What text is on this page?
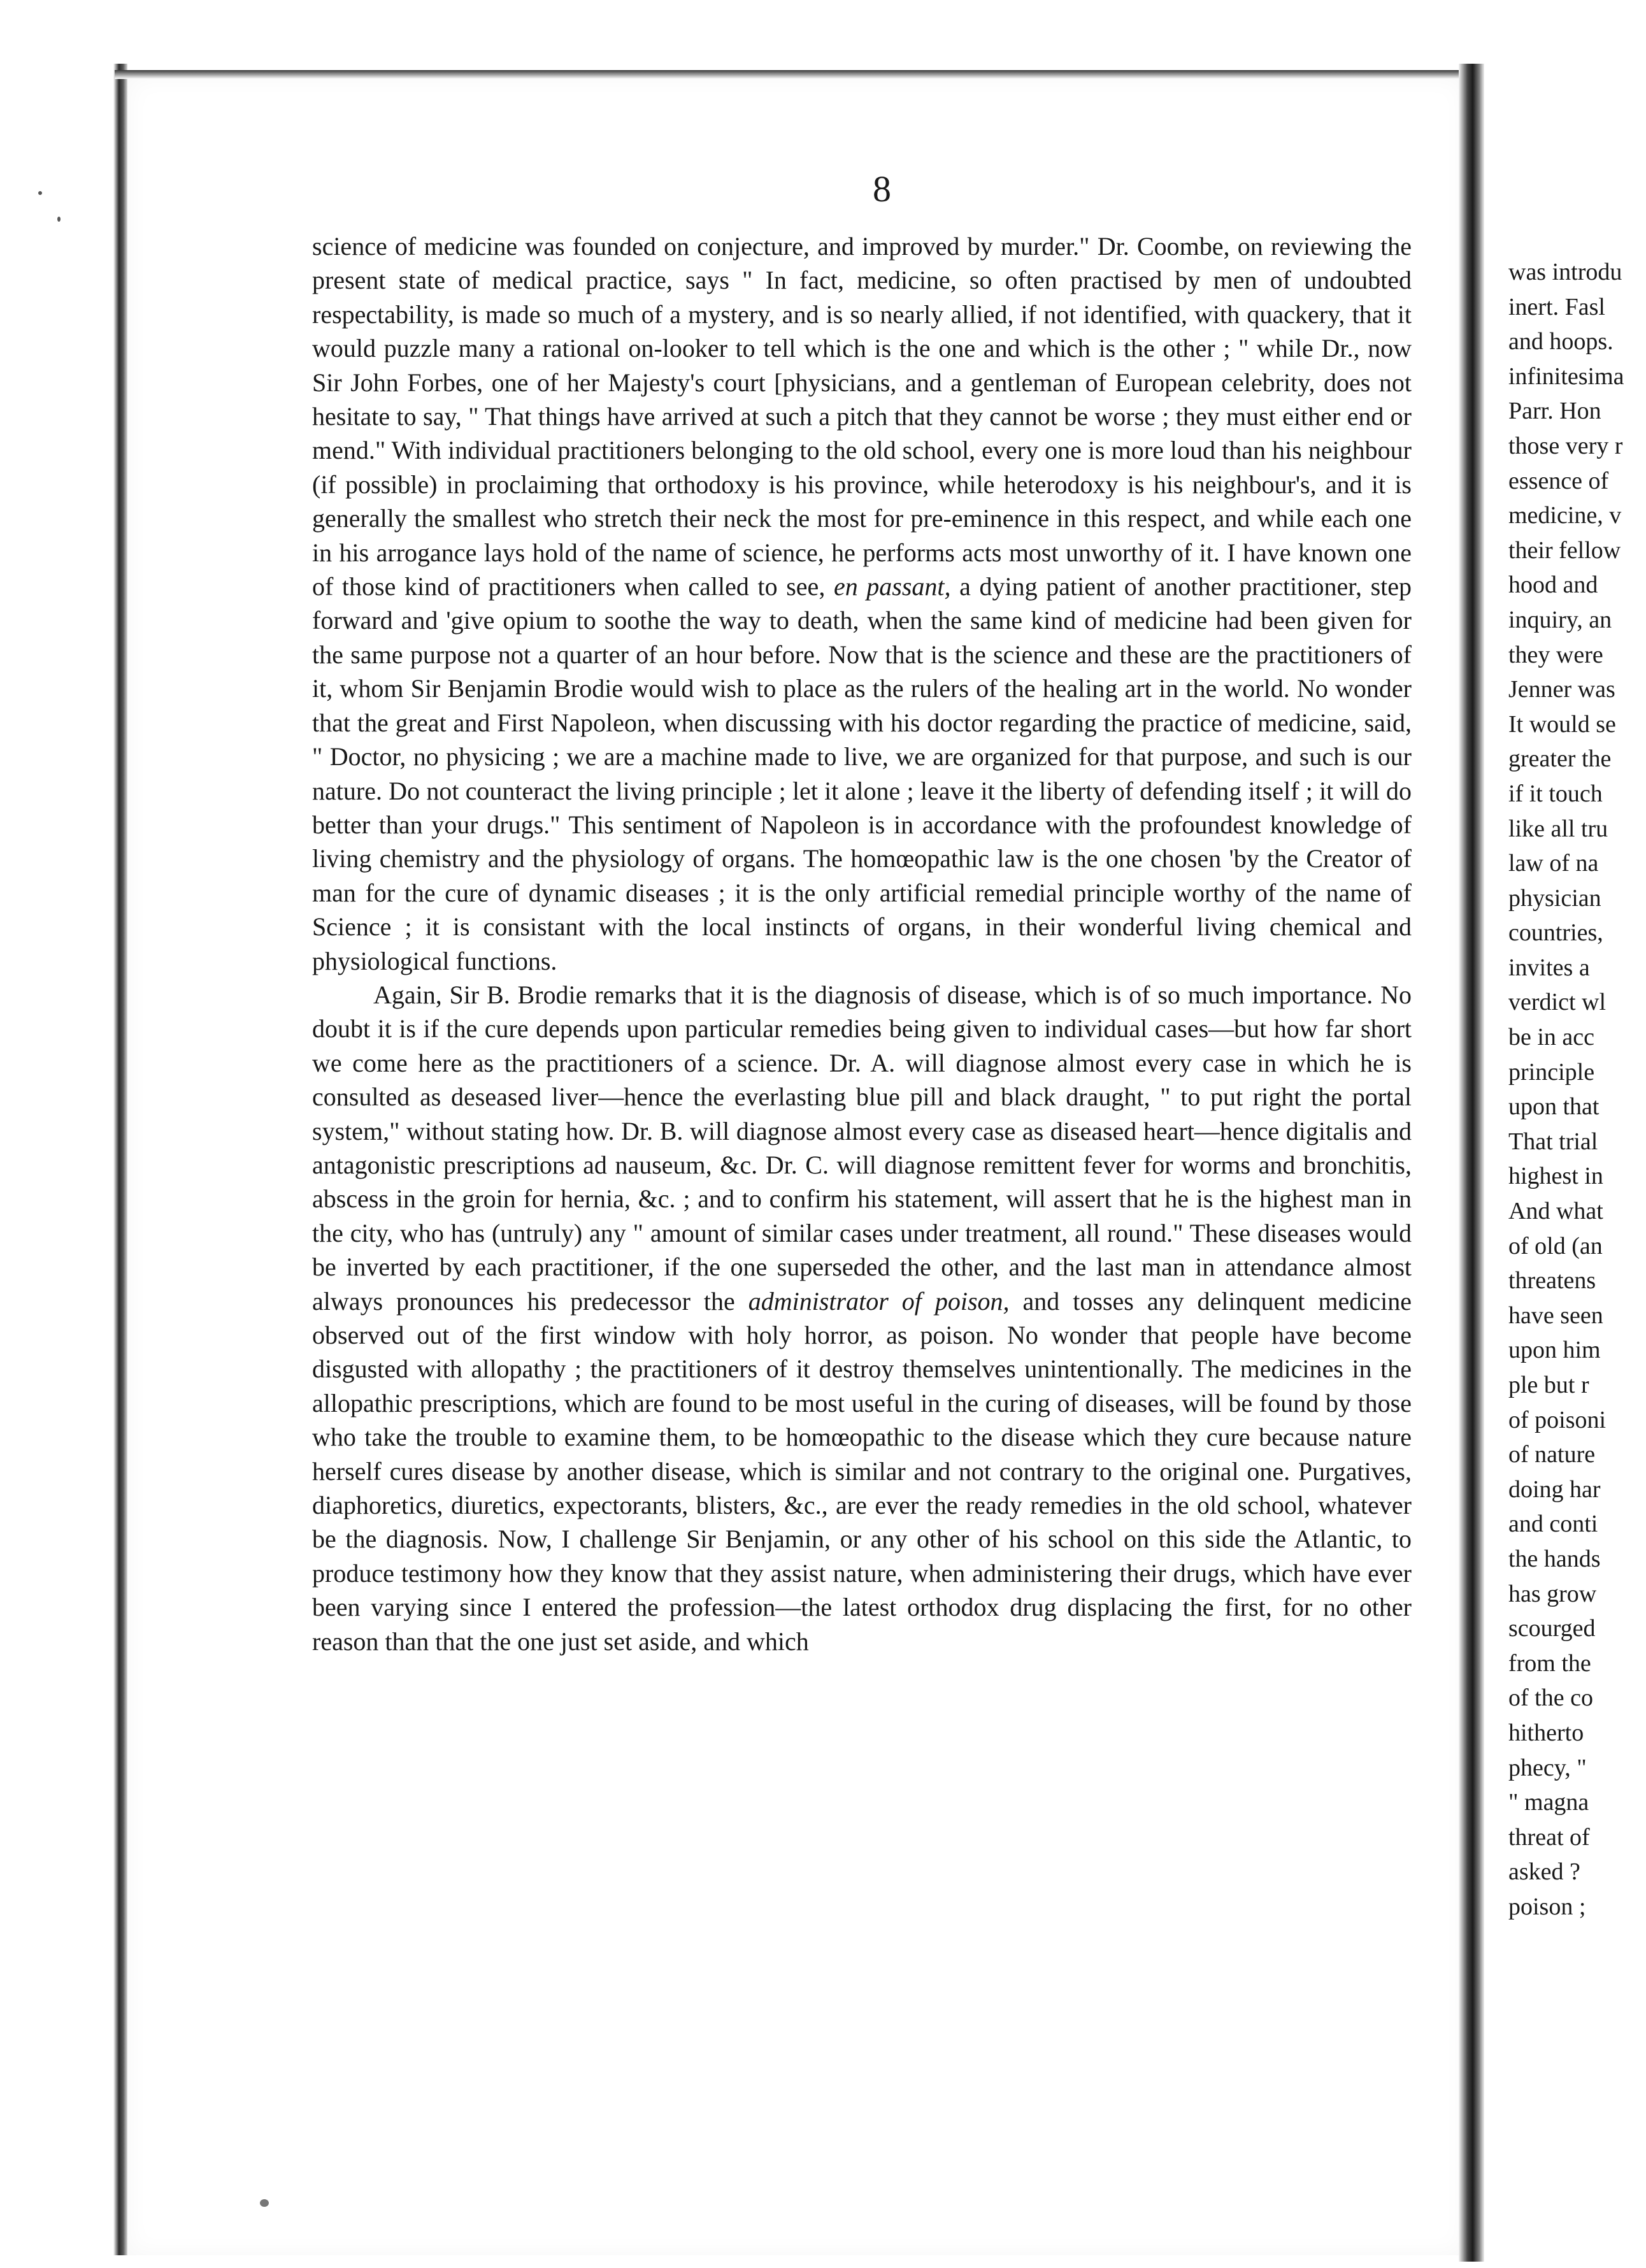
8

science of medicine was founded on conjecture, and improved by murder." Dr. Coombe, on reviewing the present state of medical practice, says " In fact, medicine, so often practised by men of undoubted respectability, is made so much of a mystery, and is so nearly allied, if not identified, with quackery, that it would puzzle many a rational on-looker to tell which is the one and which is the other ; " while Dr., now Sir John Forbes, one of her Majesty's court [physicians, and a gentleman of European celebrity, does not hesitate to say, " That things have arrived at such a pitch that they cannot be worse ; they must either end or mend." With individual practitioners belonging to the old school, every one is more loud than his neighbour (if possible) in proclaiming that orthodoxy is his province, while heterodoxy is his neighbour's, and it is generally the smallest who stretch their neck the most for pre-eminence in this respect, and while each one in his arrogance lays hold of the name of science, he performs acts most unworthy of it. I have known one of those kind of practitioners when called to see, en passant, a dying patient of another practitioner, step forward and 'give opium to soothe the way to death, when the same kind of medicine had been given for the same purpose not a quarter of an hour before. Now that is the science and these are the practitioners of it, whom Sir Benjamin Brodie would wish to place as the rulers of the healing art in the world. No wonder that the great and First Napoleon, when discussing with his doctor regarding the practice of medicine, said, " Doctor, no physicing ; we are a machine made to live, we are organized for that purpose, and such is our nature. Do not counteract the living principle ; let it alone ; leave it the liberty of defending itself ; it will do better than your drugs." This sentiment of Napoleon is in accordance with the profoundest knowledge of living chemistry and the physiology of organs. The homœopathic law is the one chosen 'by the Creator of man for the cure of dynamic diseases ; it is the only artificial remedial principle worthy of the name of Science ; it is consistant with the local instincts of organs, in their wonderful living chemical and physiological functions.

Again, Sir B. Brodie remarks that it is the diagnosis of disease, which is of so much importance. No doubt it is if the cure depends upon particular remedies being given to individual cases—but how far short we come here as the practitioners of a science. Dr. A. will diagnose almost every case in which he is consulted as deseased liver—hence the everlasting blue pill and black draught, " to put right the portal system," without stating how. Dr. B. will diagnose almost every case as diseased heart—hence digitalis and antagonistic prescriptions ad nauseum, &c. Dr. C. will diagnose remittent fever for worms and bronchitis, abscess in the groin for hernia, &c. ; and to confirm his statement, will assert that he is the highest man in the city, who has (untruly) any " amount of similar cases under treatment, all round." These diseases would be inverted by each practitioner, if the one superseded the other, and the last man in attendance almost always pronounces his predecessor the administrator of poison, and tosses any delinquent medicine observed out of the first window with holy horror, as poison. No wonder that people have become disgusted with allopathy ; the practitioners of it destroy themselves unintentionally. The medicines in the allopathic prescriptions, which are found to be most useful in the curing of diseases, will be found by those who take the trouble to examine them, to be homœopathic to the disease which they cure because nature herself cures disease by another disease, which is similar and not contrary to the original one. Purgatives, diaphoretics, diuretics, expectorants, blisters, &c., are ever the ready remedies in the old school, whatever be the diagnosis. Now, I challenge Sir Benjamin, or any other of his school on this side the Atlantic, to produce testimony how they know that they assist nature, when administering their drugs, which have ever been varying since I entered the profession—the latest orthodox drug displacing the first, for no other reason than that the one just set aside, and which

was introdu
inert. Fasl
and hoops.
infinitesima
Parr. Hon
those very r
essence of
medicine, v
their fellow
hood and
inquiry, an
they were
Jenner was
It would se
greater the
if it touch
like all tru
law of na
physician
countries,
invites a
verdict wl
be in acc
principle
upon that
That trial
highest in
And what
of old (an
threatens
have seen
upon him
ple but r
of poisoni
of nature
doing har
and conti
the hands
has grow
scourged
from the
of the co
hitherto
phecy, "
" magna
threat of
asked ?
poison ;
